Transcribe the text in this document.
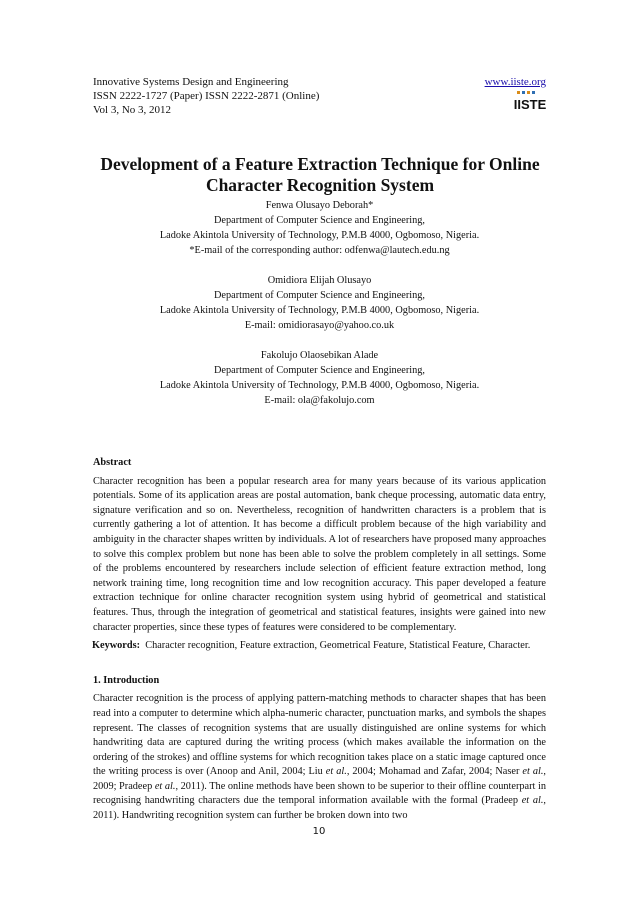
Innovative Systems Design and Engineering
ISSN 2222-1727 (Paper) ISSN 2222-2871 (Online)
Vol 3, No 3, 2012
www.iiste.org
IISTE
Development of a Feature Extraction Technique for Online
Character Recognition System
Fenwa Olusayo Deborah*
Department of Computer Science and Engineering,
Ladoke Akintola University of Technology, P.M.B 4000, Ogbomoso, Nigeria.
*E-mail of the corresponding author: odfenwa@lautech.edu.ng
Omidiora Elijah Olusayo
Department of Computer Science and Engineering,
Ladoke Akintola University of Technology, P.M.B 4000, Ogbomoso, Nigeria.
E-mail: omidiorasayo@yahoo.co.uk
Fakolujo Olaosebikan Alade
Department of Computer Science and Engineering,
Ladoke Akintola University of Technology, P.M.B 4000, Ogbomoso, Nigeria.
E-mail: ola@fakolujo.com

Abstract

Character recognition has been a popular research area for many years because of its various application potentials. Some of its application areas are postal automation, bank cheque processing, automatic data entry, signature verification and so on. Nevertheless, recognition of handwritten characters is a problem that is currently gathering a lot of attention. It has become a difficult problem because of the high variability and ambiguity in the character shapes written by individuals. A lot of researchers have proposed many approaches to solve this complex problem but none has been able to solve the problem completely in all settings. Some of the problems encountered by researchers include selection of efficient feature extraction method, long network training time, long recognition time and low recognition accuracy. This paper developed a feature extraction technique for online character recognition system using hybrid of geometrical and statistical features. Thus, through the integration of geometrical and statistical features, insights were gained into new character properties, since these types of features were considered to be complementary.

Keywords: Character recognition, Feature extraction, Geometrical Feature, Statistical Feature, Character.

1. Introduction

Character recognition is the process of applying pattern-matching methods to character shapes that has been read into a computer to determine which alpha-numeric character, punctuation marks, and symbols the shapes represent. The classes of recognition systems that are usually distinguished are online systems for which handwriting data are captured during the writing process (which makes available the information on the ordering of the strokes) and offline systems for which recognition takes place on a static image captured once the writing process is over (Anoop and Anil, 2004; Liu et al., 2004; Mohamad and Zafar, 2004; Naser et al., 2009; Pradeep et al., 2011). The online methods have been shown to be superior to their offline counterpart in recognising handwriting characters due the temporal information available with the formal (Pradeep et al., 2011). Handwriting recognition system can further be broken down into two

10
